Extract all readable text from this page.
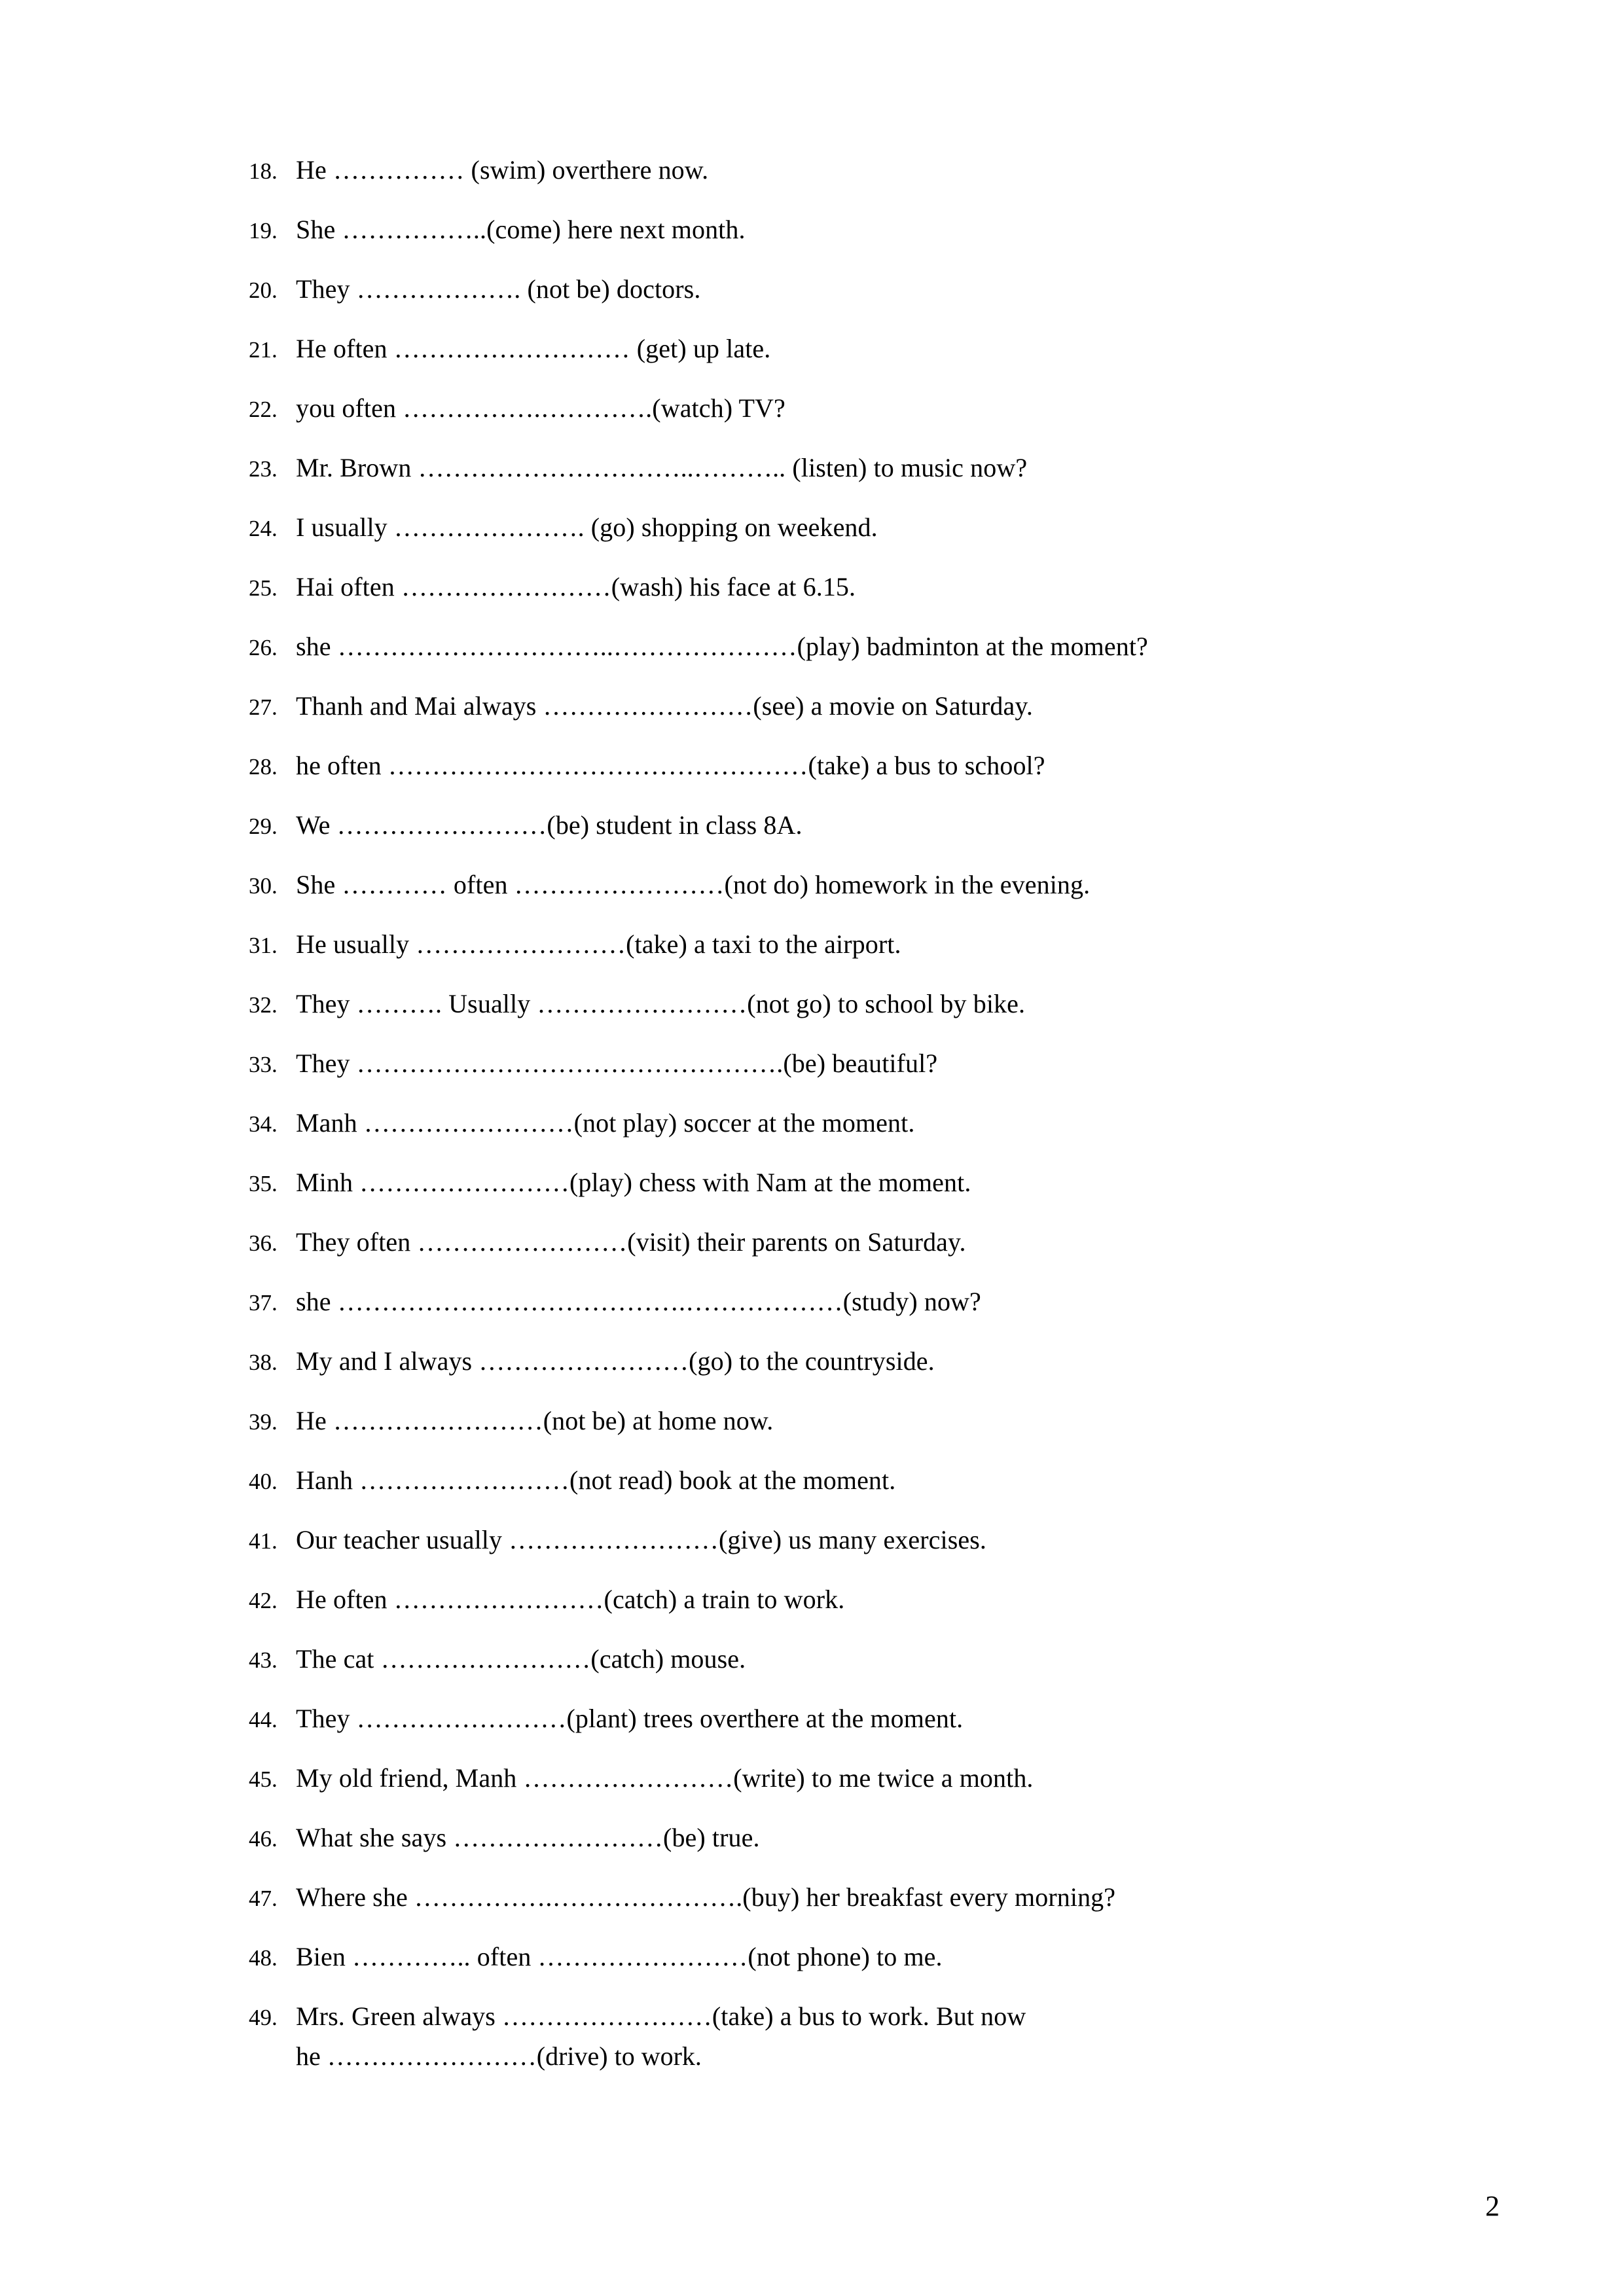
18. He …………… (swim) overthere now.
19. She ……………..(come) here next month.
20. They ………………. (not be) doctors.
21. He often ……………………… (get) up late.
22. you often …………….………….(watch) TV?
23. Mr. Brown …………………………..……….. (listen) to music now?
24. I usually …………………. (go) shopping on weekend.
25. Hai often ……………………(wash) his face at 6.15.
26. she …………………………..…………………(play) badminton at the moment?
27. Thanh and Mai always ……………………(see) a movie on Saturday.
28. he often …………………………………………(take) a bus to school?
29. We ……………………(be) student in class 8A.
30. She ………… often ……………………(not do) homework in the evening.
31. He usually ……………………(take) a taxi to the airport.
32. They ………. Usually ……………………(not go) to school by bike.
33. They ………………………………………….(be) beautiful?
34. Manh ……………………(not play) soccer at the moment.
35. Minh ……………………(play) chess with Nam at the moment.
36. They often ……………………(visit) their parents on Saturday.
37. she ………………………………….………………(study) now?
38. My and I always ……………………(go) to the countryside.
39. He ……………………(not be) at home now.
40. Hanh ……………………(not read) book at the moment.
41. Our teacher usually ……………………(give) us many exercises.
42. He often ……………………(catch) a train to work.
43. The cat ……………………(catch) mouse.
44. They ……………………(plant) trees overthere at the moment.
45. My old friend, Manh ……………………(write) to me twice a month.
46. What she says ……………………(be) true.
47. Where she …………….………………….(buy) her breakfast every morning?
48. Bien ………….. often ……………………(not phone) to me.
49. Mrs. Green always ……………………(take) a bus to work. But now
he ……………………(drive) to work.
2
